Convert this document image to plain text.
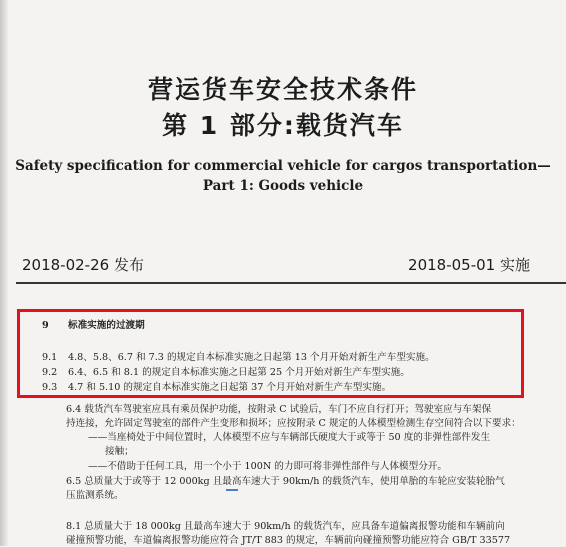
营运货车安全技术条件
第 1 部分:载货汽车
Safety specification for commercial vehicle for cargos transportation—
Part 1: Goods vehicle
2018-02-26 发布	2018-05-01 实施
9 标准实施的过渡期
9.1 4.8、5.8、6.7 和 7.3 的规定自本标准实施之日起第 13 个月开始对新生产车型实施。
9.2 6.4、6.5 和 8.1 的规定自本标准实施之日起第 25 个月开始对新生产车型实施。
9.3 4.7 和 5.10 的规定自本标准实施之日起第 37 个月开始对新生产车型实施。
6.4 载货汽车驾驶室应具有乘员保护功能，按附录 C 试验后，车门不应自行打开；驾驶室应与车架保
持连接，允许固定驾驶室的部件产生变形和损坏；应按附录 C 规定的人体模型检测生存空间符合以下要求：
——当座椅处于中间位置时，人体模型不应与车辆部氏硬度大于或等于 50 度的非弹性部件发生
接触；
——不借助于任何工具，用一个小于 100N 的力即可将非弹性部件与人体模型分开。
6.5 总质量大于或等于 12 000kg 且最高车速大于 90km/h 的载货汽车，使用单胎的车轮应安装轮胎气
压监测系统。
8.1 总质量大于 18 000kg 且最高车速大于 90km/h 的载货汽车，应具备车道偏离报警功能和车辆前向
碰撞预警功能，车道偏离报警功能应符合 JT/T 883 的规定，车辆前向碰撞预警功能应符合 GB/T 33577
